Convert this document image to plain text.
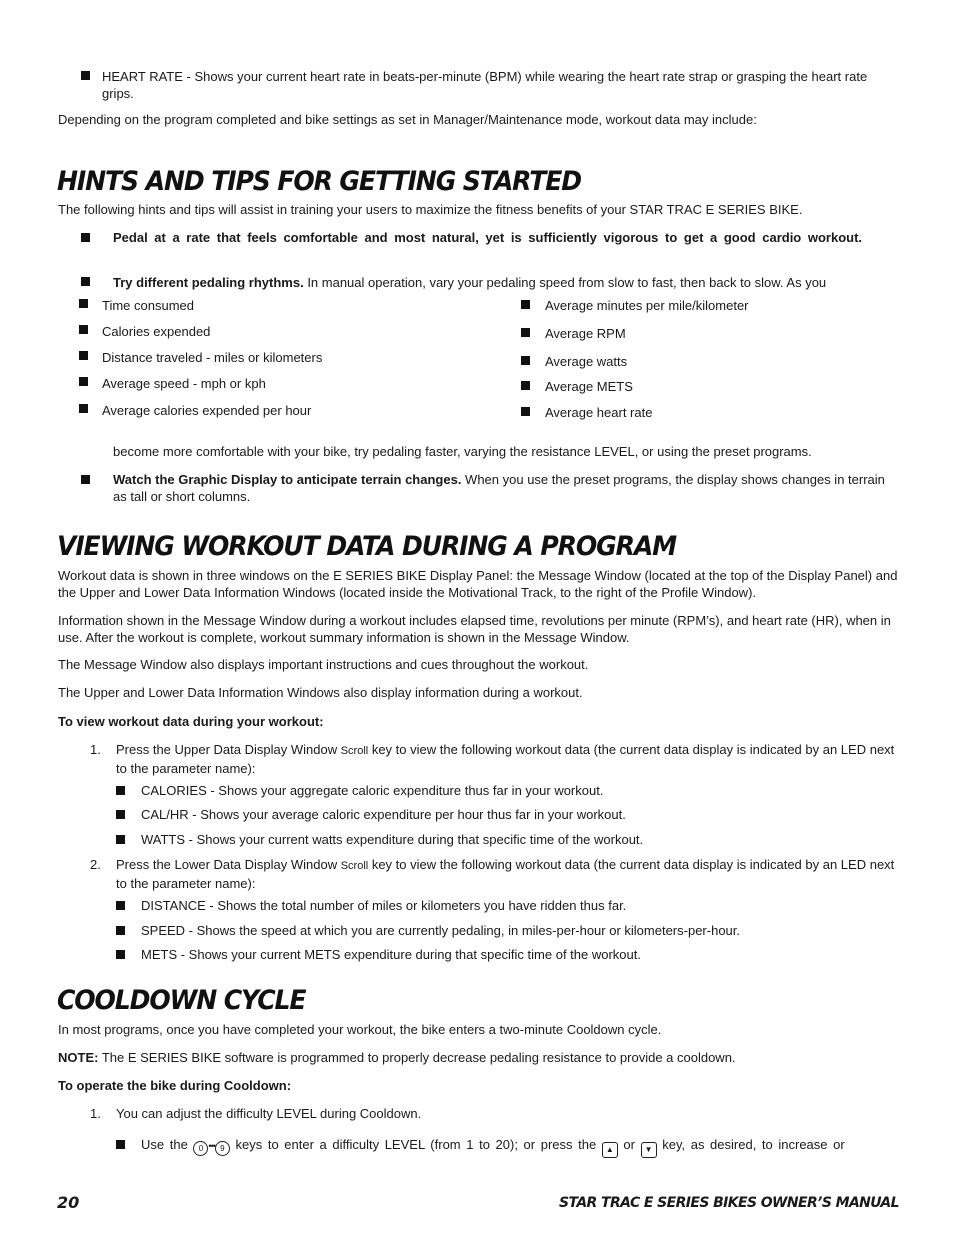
HEART RATE - Shows your current heart rate in beats-per-minute (BPM) while wearing the heart rate strap or grasping the heart rate grips.
Depending on the program completed and bike settings as set in Manager/Maintenance mode, workout data may include:
HINTS AND TIPS FOR GETTING STARTED
The following hints and tips will assist in training your users to maximize the fitness benefits of your STAR TRAC E SERIES BIKE.
Pedal at a rate that feels comfortable and most natural, yet is sufficiently vigorous to get a good cardio workout.
Try different pedaling rhythms. In manual operation, vary your pedaling speed from slow to fast, then back to slow. As you
Time consumed
Calories expended
Distance traveled - miles or kilometers
Average speed - mph or kph
Average calories expended per hour
Average minutes per mile/kilometer
Average RPM
Average watts
Average METS
Average heart rate
become more comfortable with your bike, try pedaling faster, varying the resistance LEVEL, or using the preset programs.
Watch the Graphic Display to anticipate terrain changes. When you use the preset programs, the display shows changes in terrain as tall or short columns.
VIEWING WORKOUT DATA DURING A PROGRAM
Workout data is shown in three windows on the E SERIES BIKE Display Panel: the Message Window (located at the top of the Display Panel) and the Upper and Lower Data Information Windows (located inside the Motivational Track, to the right of the Profile Window).
Information shown in the Message Window during a workout includes elapsed time, revolutions per minute (RPM’s), and heart rate (HR), when in use. After the workout is complete, workout summary information is shown in the Message Window.
The Message Window also displays important instructions and cues throughout the workout.
The Upper and Lower Data Information Windows also display information during a workout.
To view workout data during your workout:
1. Press the Upper Data Display Window Scroll key to view the following workout data (the current data display is indicated by an LED next to the parameter name):
CALORIES - Shows your aggregate caloric expenditure thus far in your workout.
CAL/HR - Shows your average caloric expenditure per hour thus far in your workout.
WATTS - Shows your current watts expenditure during that specific time of the workout.
2. Press the Lower Data Display Window Scroll key to view the following workout data (the current data display is indicated by an LED next to the parameter name):
DISTANCE - Shows the total number of miles or kilometers you have ridden thus far.
SPEED - Shows the speed at which you are currently pedaling, in miles-per-hour or kilometers-per-hour.
METS - Shows your current METS expenditure during that specific time of the workout.
COOLDOWN CYCLE
In most programs, once you have completed your workout, the bike enters a two-minute Cooldown cycle.
NOTE: The E SERIES BIKE software is programmed to properly decrease pedaling resistance to provide a cooldown.
To operate the bike during Cooldown:
1. You can adjust the difficulty LEVEL during Cooldown.
Use the 0 ••• 9 keys to enter a difficulty LEVEL (from 1 to 20); or press the ▲ or ▼ key, as desired, to increase or
20	STAR TRAC E SERIES BIKES OWNER’S MANUAL
